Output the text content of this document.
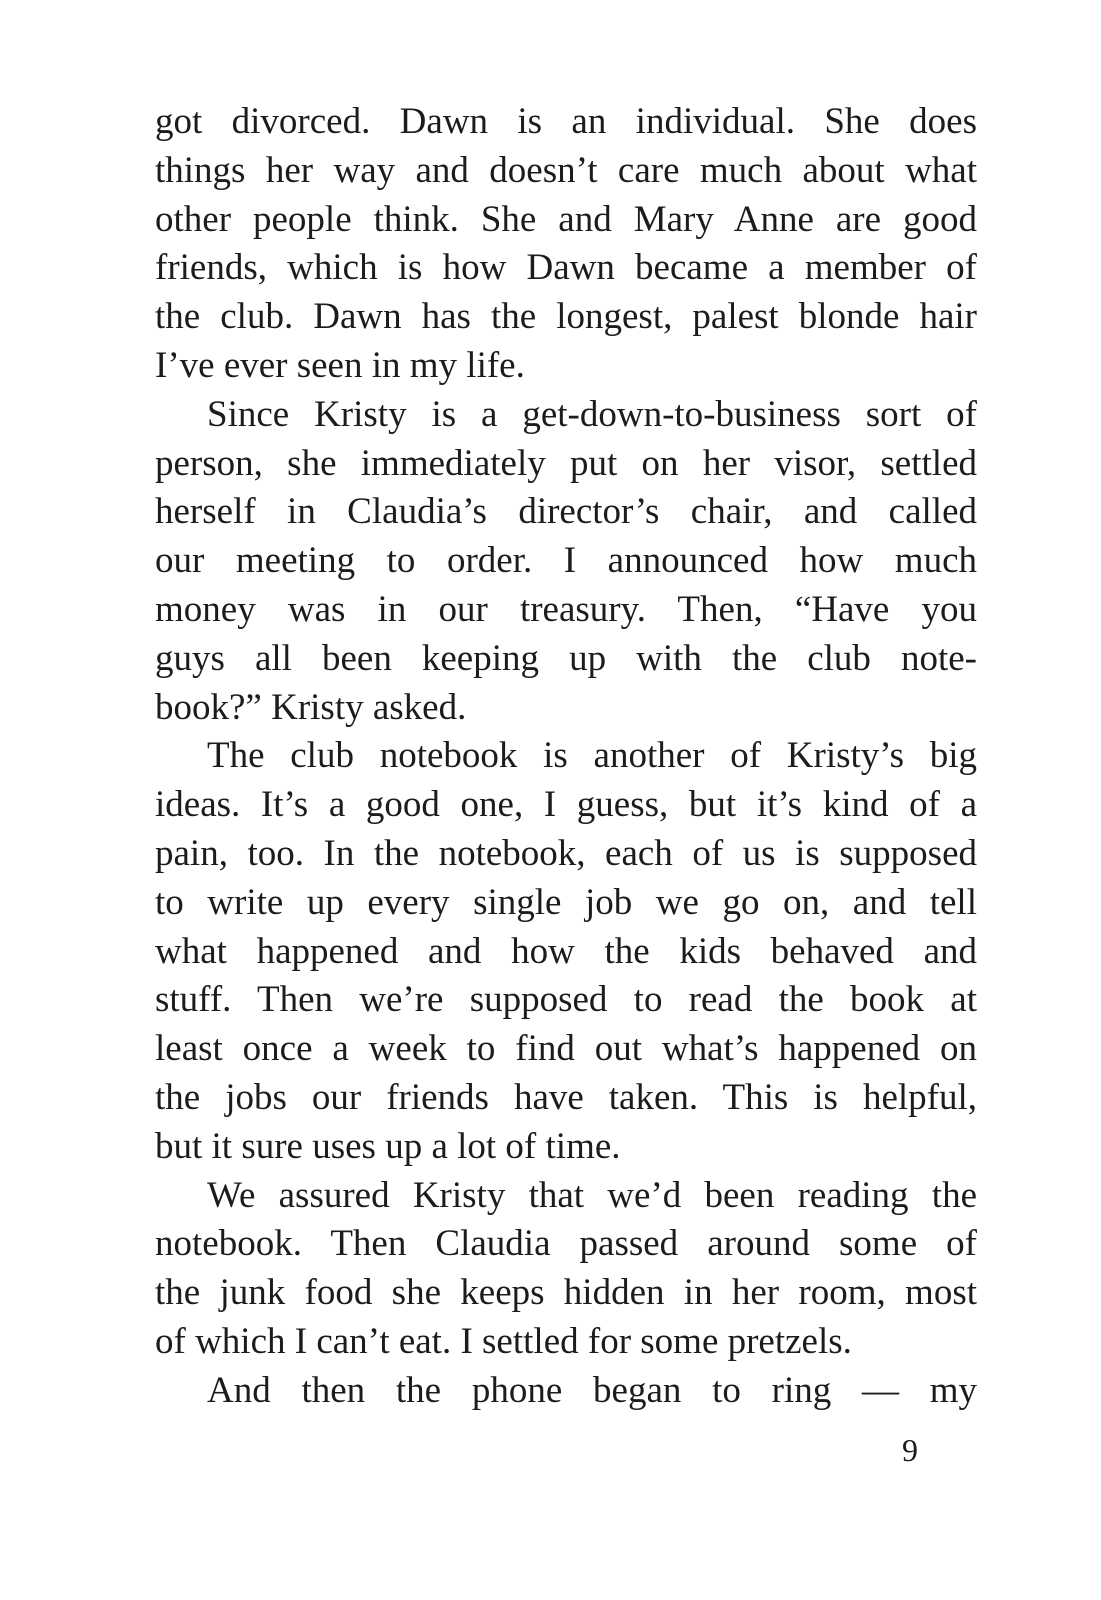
got divorced. Dawn is an individual. She does
things her way and doesn’t care much about what
other people think. She and Mary Anne are good
friends, which is how Dawn became a member of
the club. Dawn has the longest, palest blonde hair
I’ve ever seen in my life.
Since Kristy is a get-down-to-business sort of
person, she immediately put on her visor, settled
herself in Claudia’s director’s chair, and called
our meeting to order. I announced how much
money was in our treasury. Then, “Have you
guys all been keeping up with the club note-
book?” Kristy asked.
The club notebook is another of Kristy’s big
ideas. It’s a good one, I guess, but it’s kind of a
pain, too. In the notebook, each of us is supposed
to write up every single job we go on, and tell
what happened and how the kids behaved and
stuff. Then we’re supposed to read the book at
least once a week to find out what’s happened on
the jobs our friends have taken. This is helpful,
but it sure uses up a lot of time.
We assured Kristy that we’d been reading the
notebook. Then Claudia passed around some of
the junk food she keeps hidden in her room, most
of which I can’t eat. I settled for some pretzels.
And then the phone began to ring — my
9
